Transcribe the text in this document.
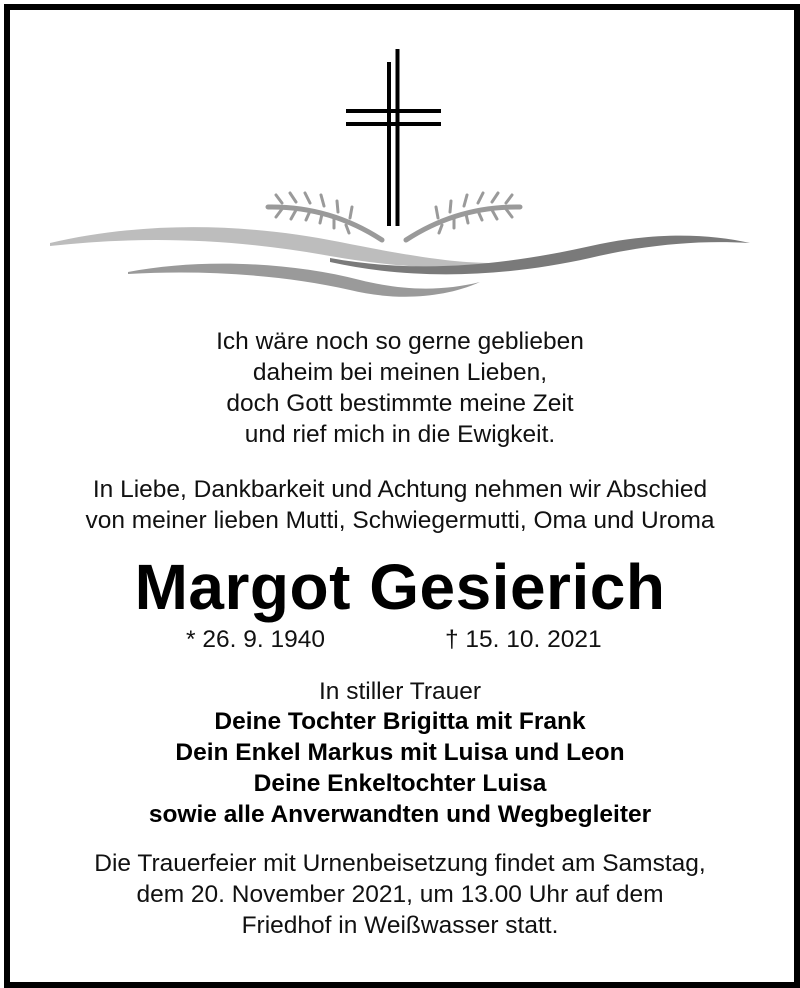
Ich wäre noch so gerne geblieben
daheim bei meinen Lieben,
doch Gott bestimmte meine Zeit
und rief mich in die Ewigkeit.
In Liebe, Dankbarkeit und Achtung nehmen wir Abschied
von meiner lieben Mutti, Schwiegermutti, Oma und Uroma
Margot Gesierich
* 26. 9. 1940	† 15. 10. 2021
In stiller Trauer
Deine Tochter Brigitta mit Frank
Dein Enkel Markus mit Luisa und Leon
Deine Enkeltochter Luisa
sowie alle Anverwandten und Wegbegleiter
Die Trauerfeier mit Urnenbeisetzung findet am Samstag,
dem 20. November 2021, um 13.00 Uhr auf dem
Friedhof in Weißwasser statt.
